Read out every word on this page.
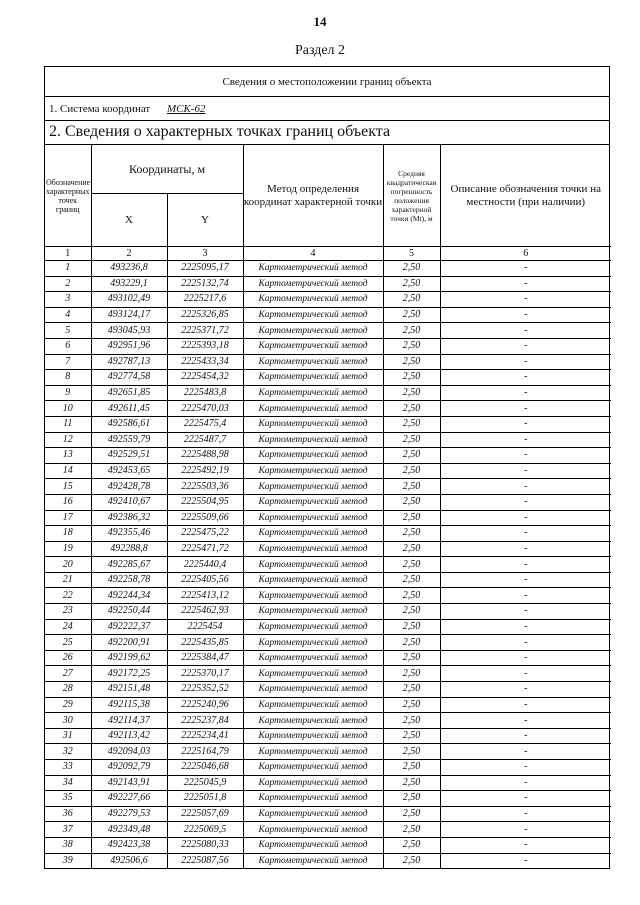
14
Раздел 2
Сведения о местоположении границ объекта
1. Система координат МСК-62
2. Сведения о характерных точках границ объекта
Обозначение характерных точек границ	Координаты, м		Метод определения координат характерной точки	Средняя квадратическая погрешность положения характерной точки (Mt), м	Описание обозначения точки на местности (при наличии)
	X	Y			
1	2	3	4	5	6
1	493236,8	2225095,17	Картометрический метод	2,50	-
2	493229,1	2225132,74	Картометрический метод	2,50	-
3	493102,49	2225217,6	Картометрический метод	2,50	-
4	493124,17	2225326,85	Картометрический метод	2,50	-
5	493045,93	2225371,72	Картометрический метод	2,50	-
6	492951,96	2225393,18	Картометрический метод	2,50	-
7	492787,13	2225433,34	Картометрический метод	2,50	-
8	492774,58	2225454,32	Картометрический метод	2,50	-
9	492651,85	2225483,8	Картометрический метод	2,50	-
10	492611,45	2225470,03	Картометрический метод	2,50	-
11	492586,61	2225475,4	Картометрический метод	2,50	-
12	492559,79	2225487,7	Картометрический метод	2,50	-
13	492529,51	2225488,98	Картометрический метод	2,50	-
14	492453,65	2225492,19	Картометрический метод	2,50	-
15	492428,78	2225503,36	Картометрический метод	2,50	-
16	492410,67	2225504,95	Картометрический метод	2,50	-
17	492386,32	2225509,66	Картометрический метод	2,50	-
18	492355,46	2225475,22	Картометрический метод	2,50	-
19	492288,8	2225471,72	Картометрический метод	2,50	-
20	492285,67	2225440,4	Картометрический метод	2,50	-
21	492258,78	2225405,56	Картометрический метод	2,50	-
22	492244,34	2225413,12	Картометрический метод	2,50	-
23	492250,44	2225462,93	Картометрический метод	2,50	-
24	492222,37	2225454	Картометрический метод	2,50	-
25	492200,91	2225435,85	Картометрический метод	2,50	-
26	492199,62	2225384,47	Картометрический метод	2,50	-
27	492172,25	2225370,17	Картометрический метод	2,50	-
28	492151,48	2225352,52	Картометрический метод	2,50	-
29	492115,38	2225240,96	Картометрический метод	2,50	-
30	492114,37	2225237,84	Картометрический метод	2,50	-
31	492113,42	2225234,41	Картометрический метод	2,50	-
32	492094,03	2225164,79	Картометрический метод	2,50	-
33	492092,79	2225046,68	Картометрический метод	2,50	-
34	492143,91	2225045,9	Картометрический метод	2,50	-
35	492227,66	2225051,8	Картометрический метод	2,50	-
36	492279,53	2225057,69	Картометрический метод	2,50	-
37	492349,48	2225069,5	Картометрический метод	2,50	-
38	492423,38	2225080,33	Картометрический метод	2,50	-
39	492506,6	2225087,56	Картометрический метод	2,50	-
